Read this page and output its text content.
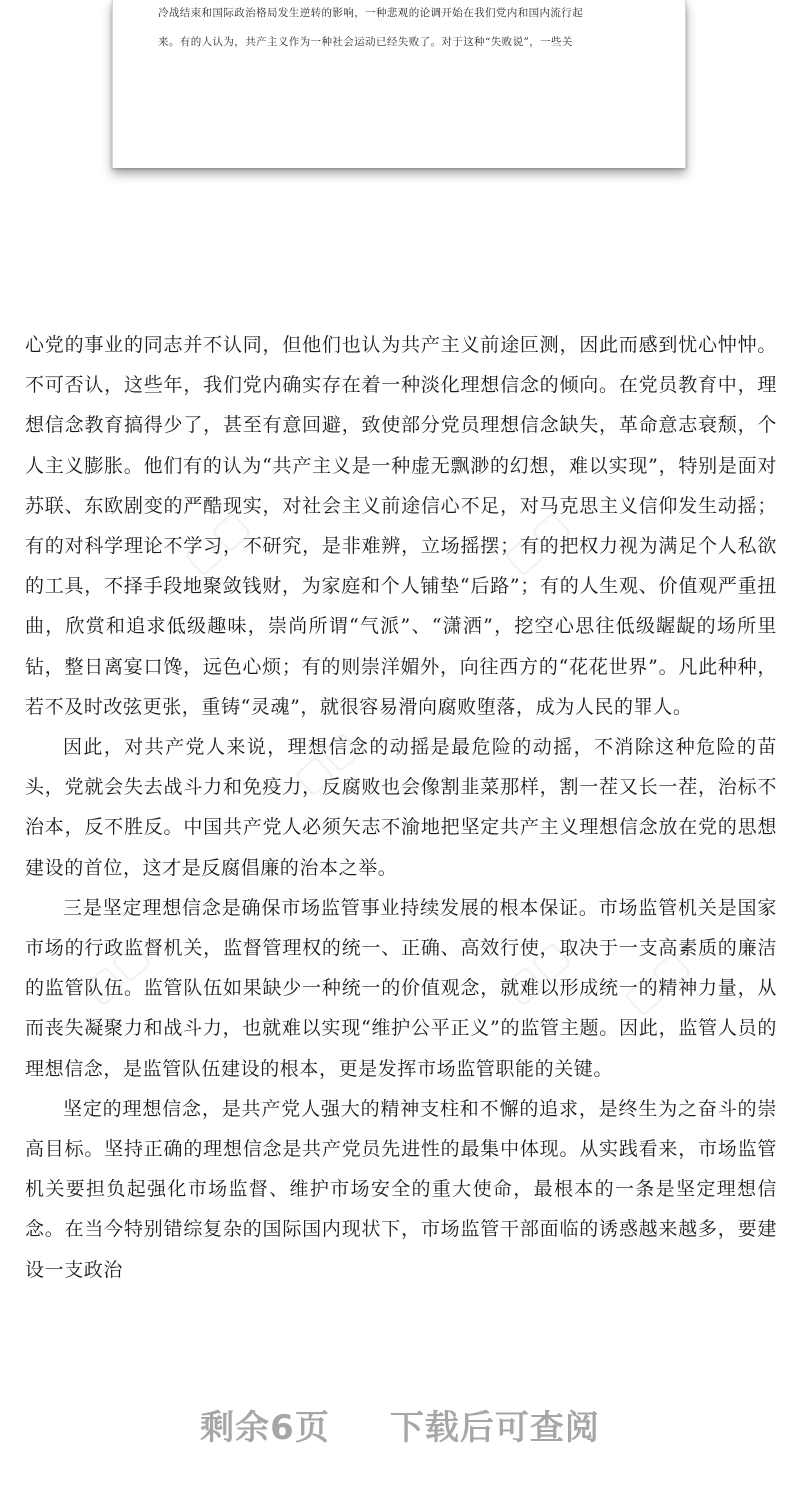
冷战结束和国际政治格局发生逆转的影响，一种悲观的论调开始在我们党内和国内流行起
来。有的人认为，共产主义作为一种社会运动已经失败了。对于这种“失败说”，一些关

心党的事业的同志并不认同，但他们也认为共产主义前途叵测，因此而感到忧心忡忡。不可否认，这些年，我们党内确实存在着一种淡化理想信念的倾向。在党员教育中，理想信念教育搞得少了，甚至有意回避，致使部分党员理想信念缺失，革命意志衰颓，个人主义膨胀。他们有的认为“共产主义是一种虚无飘渺的幻想，难以实现”，特别是面对苏联、东欧剧变的严酷现实，对社会主义前途信心不足，对马克思主义信仰发生动摇；有的对科学理论不学习，不研究，是非难辨，立场摇摆；有的把权力视为满足个人私欲的工具，不择手段地聚敛钱财，为家庭和个人铺垫“后路”；有的人生观、价值观严重扭曲，欣赏和追求低级趣味，崇尚所谓“气派”、“潇洒”，挖空心思往低级龌龊的场所里钻，整日离宴口馋，远色心烦；有的则崇洋媚外，向往西方的“花花世界”。凡此种种，若不及时改弦更张，重铸“灵魂”，就很容易滑向腐败堕落，成为人民的罪人。

因此，对共产党人来说，理想信念的动摇是最危险的动摇，不消除这种危险的苗头，党就会失去战斗力和免疫力，反腐败也会像割韭菜那样，割一茬又长一茬，治标不治本，反不胜反。中国共产党人必须矢志不渝地把坚定共产主义理想信念放在党的思想建设的首位，这才是反腐倡廉的治本之举。

三是坚定理想信念是确保市场监管事业持续发展的根本保证。市场监管机关是国家市场的行政监督机关，监督管理权的统一、正确、高效行使，取决于一支高素质的廉洁的监管队伍。监管队伍如果缺少一种统一的价值观念，就难以形成统一的精神力量，从而丧失凝聚力和战斗力，也就难以实现“维护公平正义”的监管主题。因此，监管人员的理想信念，是监管队伍建设的根本，更是发挥市场监管职能的关键。

坚定的理想信念，是共产党人强大的精神支柱和不懈的追求，是终生为之奋斗的崇高目标。坚持正确的理想信念是共产党员先进性的最集中体现。从实践看来，市场监管机关要担负起强化市场监督、维护市场安全的重大使命，最根本的一条是坚定理想信念。在当今特别错综复杂的国际国内现状下，市场监管干部面临的诱惑越来越多，要建设一支政治

▢▢	▢▢
▢▢
▢▢
▢▢	▢▢
剩余6页 下载后可查阅
